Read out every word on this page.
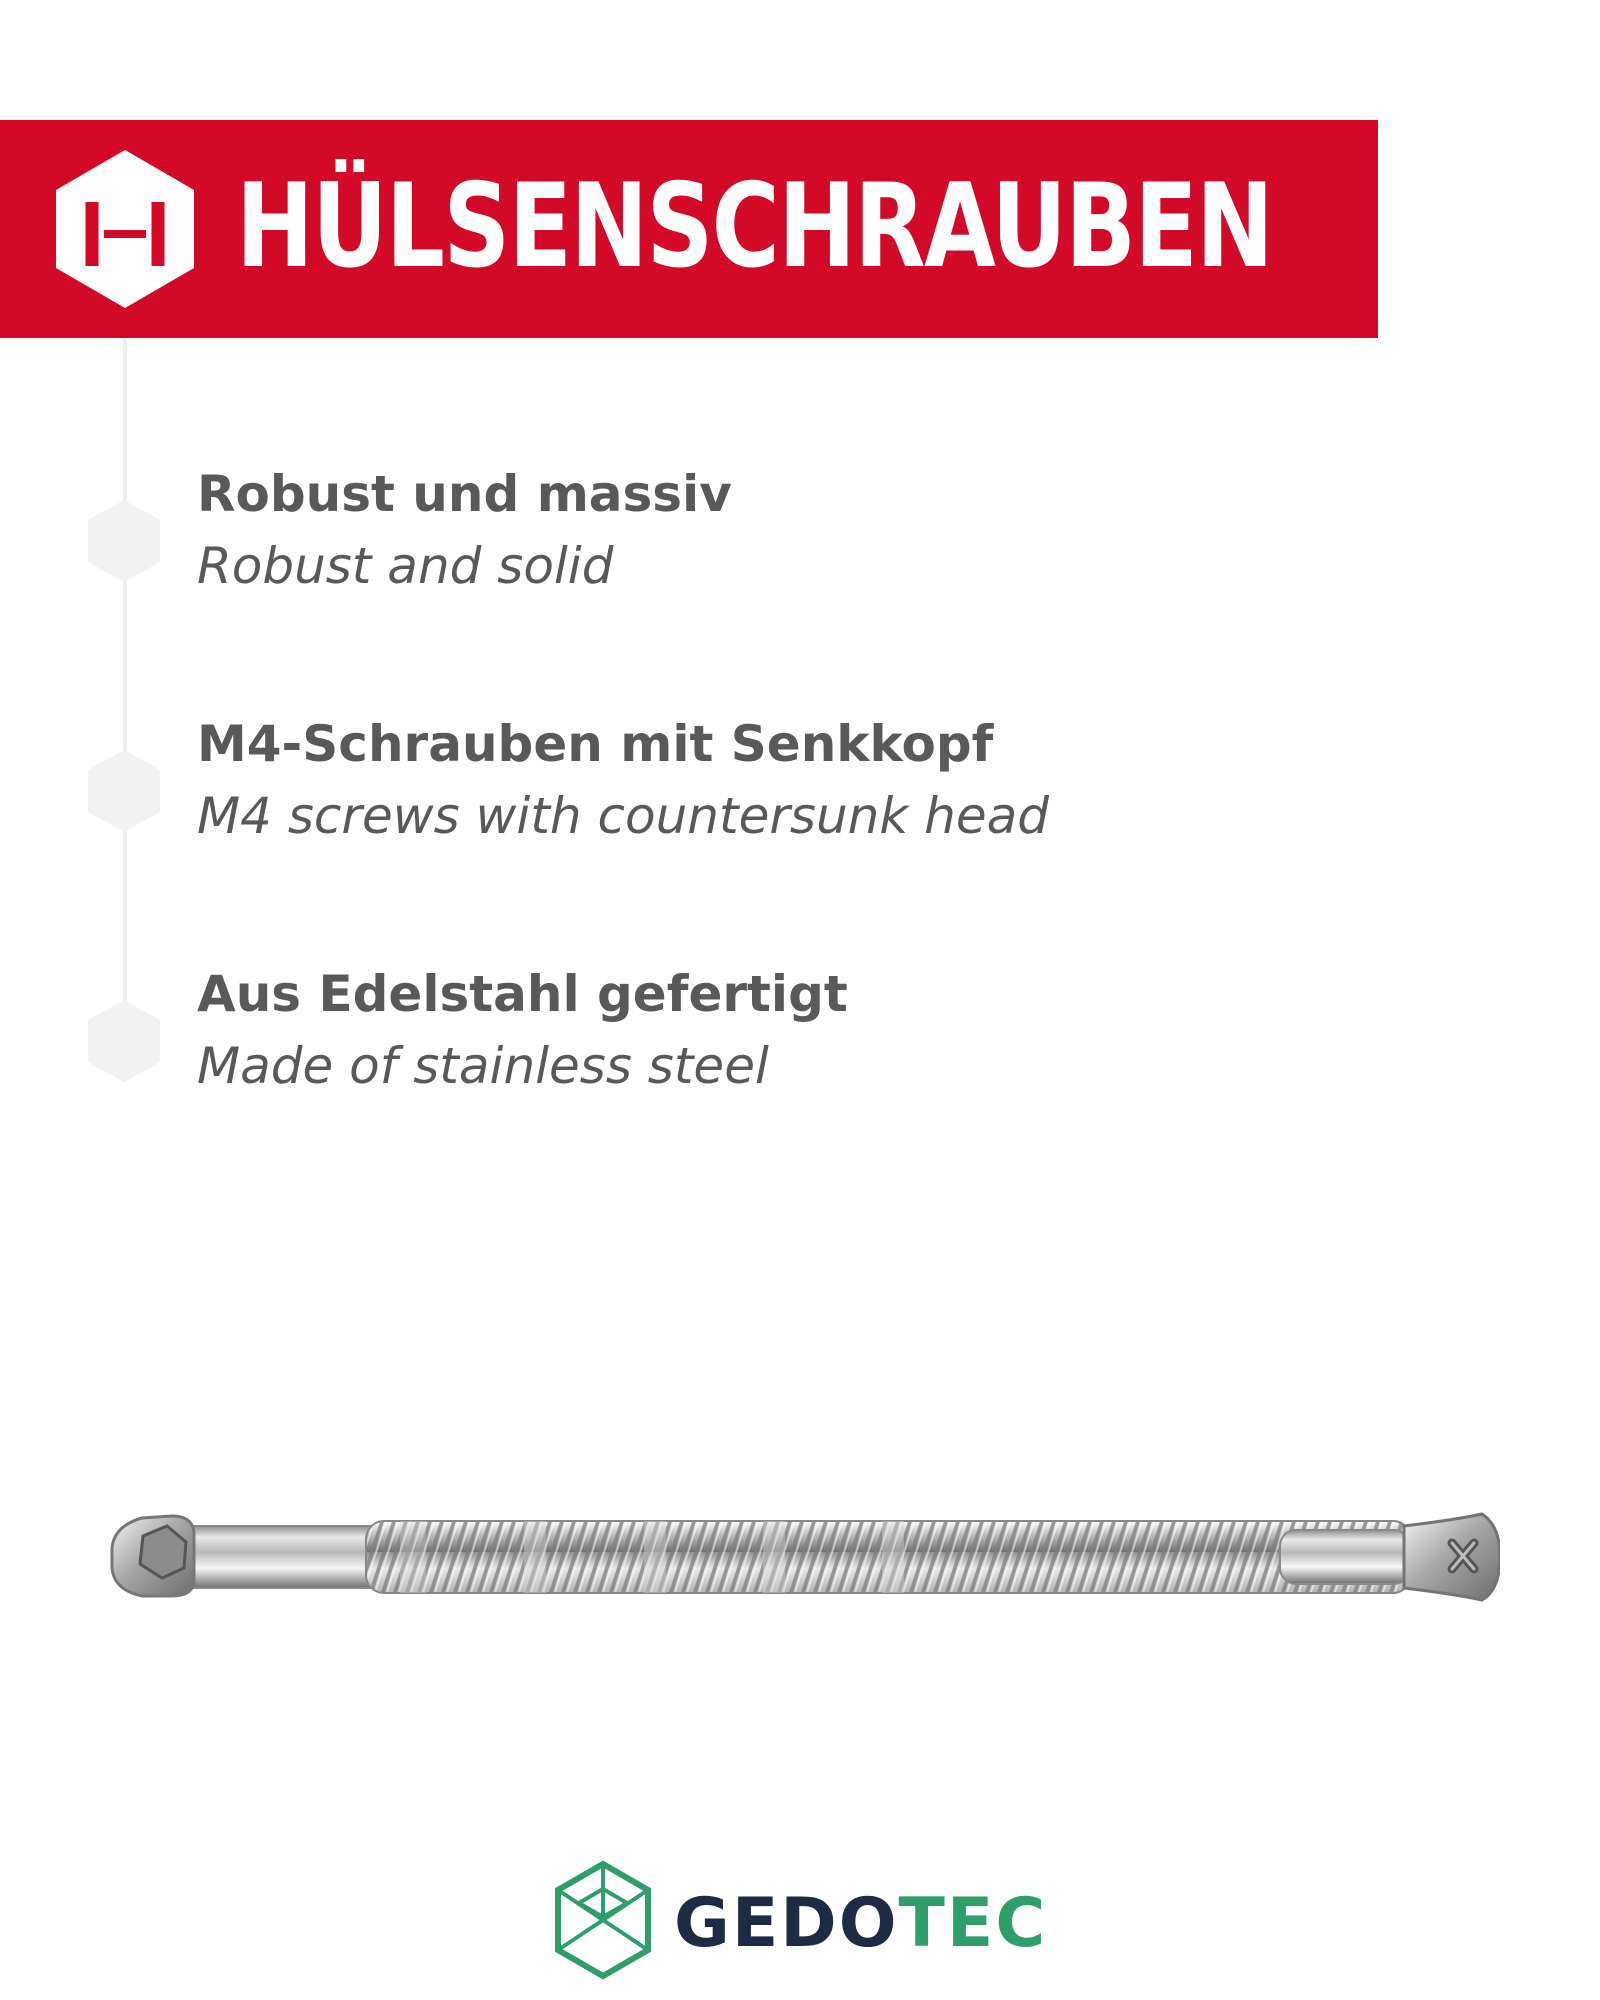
HÜLSENSCHRAUBEN

Robust und massiv

Robust and solid

M4-Schrauben mit Senkkopf

M4 screws with countersunk head

Aus Edelstahl gefertigt

Made of stainless steel

GEDOTEC
